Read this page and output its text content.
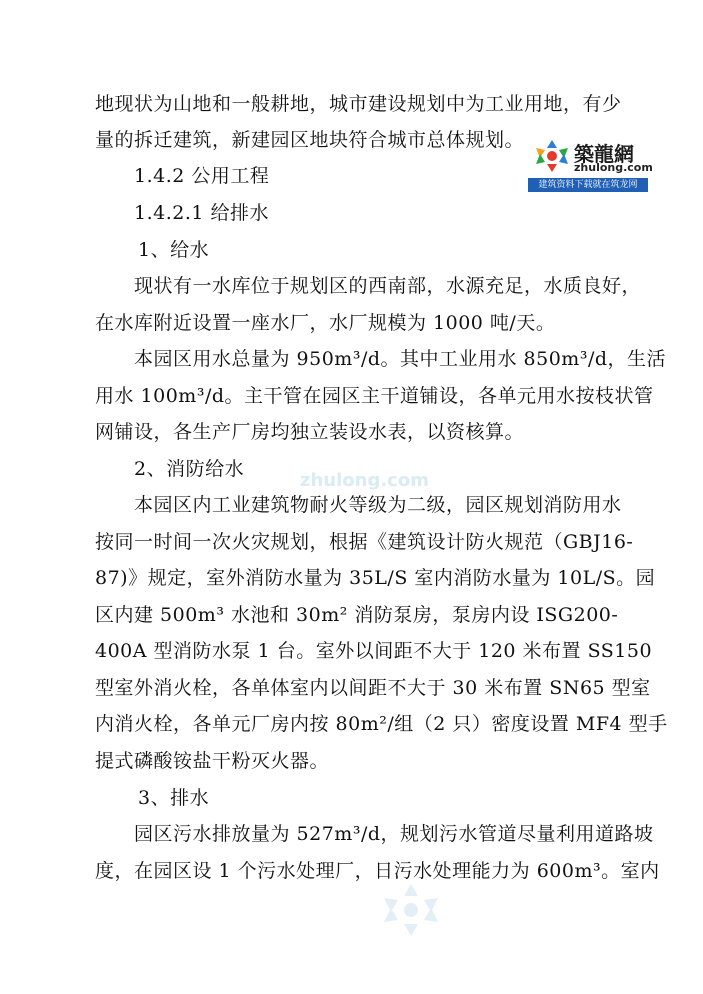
地现状为山地和一般耕地，城市建设规划中为工业用地，有少
量的拆迁建筑，新建园区地块符合城市总体规划。
1.4.2 公用工程
1.4.2.1 给排水
1、给水
现状有一水库位于规划区的西南部，水源充足，水质良好，
在水库附近设置一座水厂，水厂规模为 1000 吨/天。
本园区用水总量为 950m³/d。其中工业用水 850m³/d，生活
用水 100m³/d。主干管在园区主干道铺设，各单元用水按枝状管
网铺设，各生产厂房均独立装设水表，以资核算。
2、消防给水
本园区内工业建筑物耐火等级为二级，园区规划消防用水
按同一时间一次火灾规划，根据《建筑设计防火规范（GBJ16-
87)》规定，室外消防水量为 35L/S 室内消防水量为 10L/S。园
区内建 500m³ 水池和 30m² 消防泵房，泵房内设 ISG200-
400A 型消防水泵 1 台。室外以间距不大于 120 米布置 SS150
型室外消火栓，各单体室内以间距不大于 30 米布置 SN65 型室
内消火栓，各单元厂房内按 80m²/组（2 只）密度设置 MF4 型手
提式磷酸铵盐干粉灭火器。
3、排水
园区污水排放量为 527m³/d，规划污水管道尽量利用道路坡
度，在园区设 1 个污水处理厂，日污水处理能力为 600m³。室内
zhulong.com
築龍網
zhulong.com
建筑资料下载就在筑龙网
